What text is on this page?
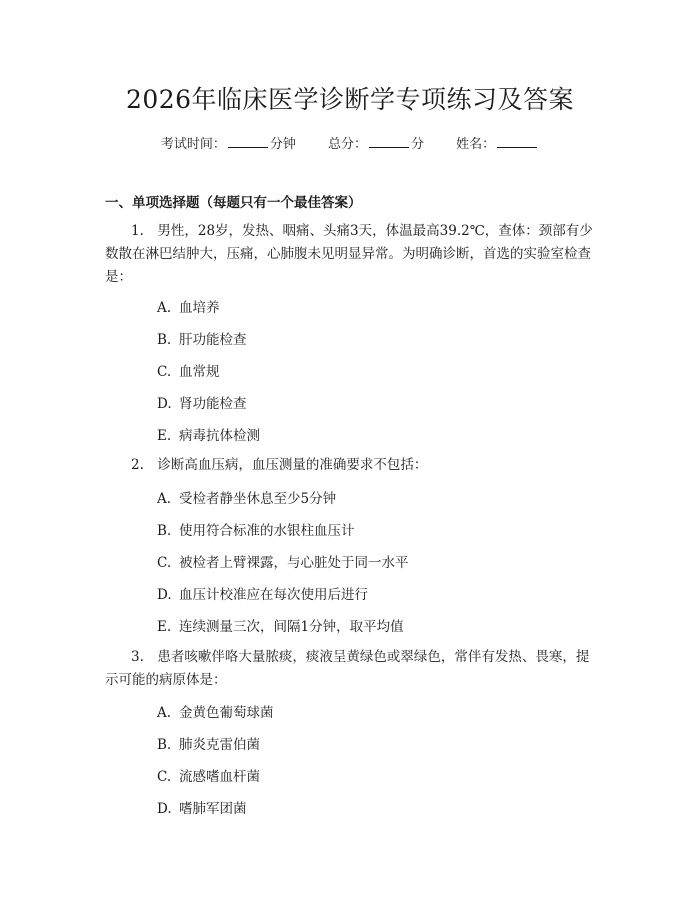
2026年临床医学诊断学专项练习及答案
考试时间：	分钟 总分：	分 姓名：
一、单项选择题（每题只有一个最佳答案）
1.　男性，28岁，发热、咽痛、头痛3天，体温最高39.2℃，查体：颈部有少数散在淋巴结肿大，压痛，心肺腹未见明显异常。为明确诊断，首选的实验室检查是：
A. 血培养
B. 肝功能检查
C. 血常规
D. 肾功能检查
E. 病毒抗体检测
2.　诊断高血压病，血压测量的准确要求不包括：
A. 受检者静坐休息至少5分钟
B. 使用符合标准的水银柱血压计
C. 被检者上臂裸露，与心脏处于同一水平
D. 血压计校准应在每次使用后进行
E. 连续测量三次，间隔1分钟，取平均值
3.　患者咳嗽伴咯大量脓痰，痰液呈黄绿色或翠绿色，常伴有发热、畏寒，提示可能的病原体是：
A. 金黄色葡萄球菌
B. 肺炎克雷伯菌
C. 流感嗜血杆菌
D. 嗜肺军团菌
